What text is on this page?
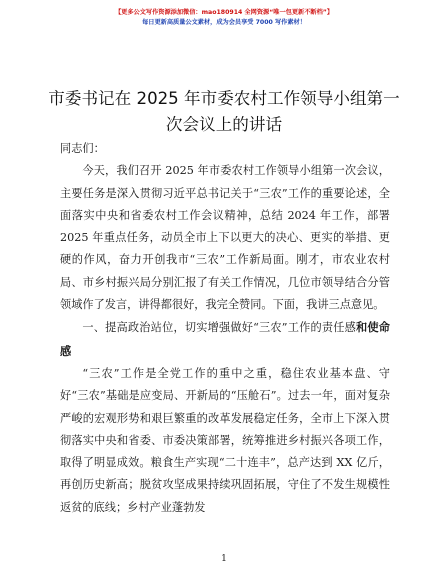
【更多公文写作资源添加微信：mao180914 全网资源“唯一包更新不断档”】
每日更新高质量公文素材，成为会员享受 7000 写作素材！
市委书记在 2025 年市委农村工作领导小组第一次会议上的讲话

同志们：

今天，我们召开 2025 年市委农村工作领导小组第一次会议，主要任务是深入贯彻习近平总书记关于“三农”工作的重要论述，全面落实中央和省委农村工作会议精神，总结 2024 年工作，部署 2025 年重点任务，动员全市上下以更大的决心、更实的举措、更硬的作风，奋力开创我市“三农”工作新局面。刚才，市农业农村局、市乡村振兴局分别汇报了有关工作情况，几位市领导结合分管领域作了发言，讲得都很好，我完全赞同。下面，我讲三点意见。

一、提高政治站位，切实增强做好“三农”工作的责任感和使命感

“三农”工作是全党工作的重中之重，稳住农业基本盘、守好“三农”基础是应变局、开新局的“压舱石”。过去一年，面对复杂严峻的宏观形势和艰巨繁重的改革发展稳定任务，全市上下深入贯彻落实中央和省委、市委决策部署，统筹推进乡村振兴各项工作，取得了明显成效。粮食生产实现“二十连丰”，总产达到 XX 亿斤，再创历史新高；脱贫攻坚成果持续巩固拓展，守住了不发生规模性返贫的底线；乡村产业蓬勃发

1
